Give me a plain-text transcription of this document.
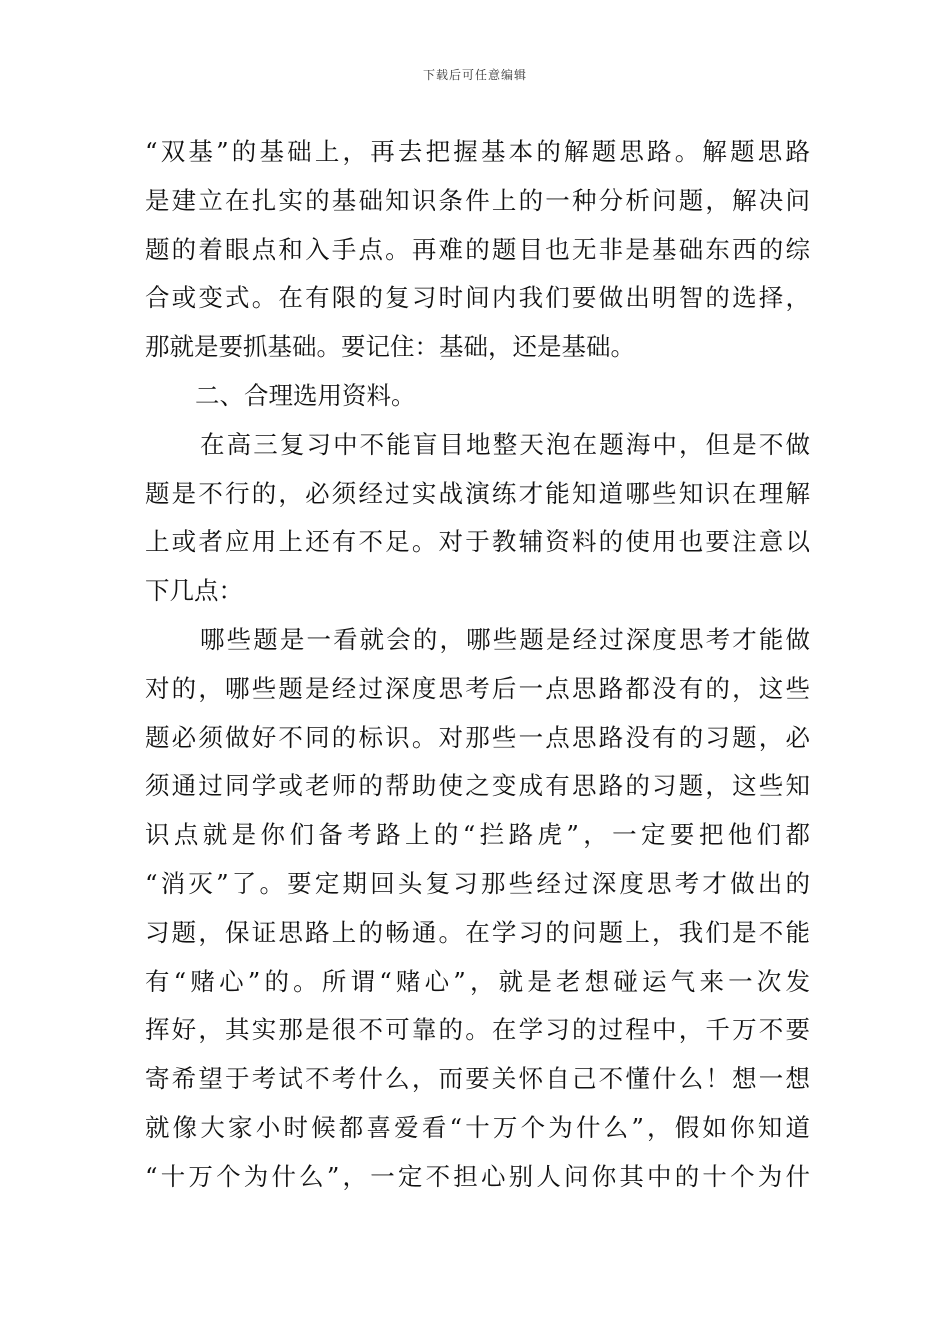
下载后可任意编辑
“双基”的基础上，再去把握基本的解题思路。解题思路
是建立在扎实的基础知识条件上的一种分析问题，解决问
题的着眼点和入手点。再难的题目也无非是基础东西的综
合或变式。在有限的复习时间内我们要做出明智的选择，
那就是要抓基础。要记住：基础，还是基础。
二、合理选用资料。
在高三复习中不能盲目地整天泡在题海中，但是不做
题是不行的，必须经过实战演练才能知道哪些知识在理解
上或者应用上还有不足。对于教辅资料的使用也要注意以
下几点：
哪些题是一看就会的，哪些题是经过深度思考才能做
对的，哪些题是经过深度思考后一点思路都没有的，这些
题必须做好不同的标识。对那些一点思路没有的习题，必
须通过同学或老师的帮助使之变成有思路的习题，这些知
识点就是你们备考路上的“拦路虎”，一定要把他们都
“消灭”了。要定期回头复习那些经过深度思考才做出的
习题，保证思路上的畅通。在学习的问题上，我们是不能
有“赌心”的。所谓“赌心”，就是老想碰运气来一次发
挥好，其实那是很不可靠的。在学习的过程中，千万不要
寄希望于考试不考什么，而要关怀自己不懂什么！想一想
就像大家小时候都喜爱看“十万个为什么”，假如你知道
“十万个为什么”，一定不担心别人问你其中的十个为什
